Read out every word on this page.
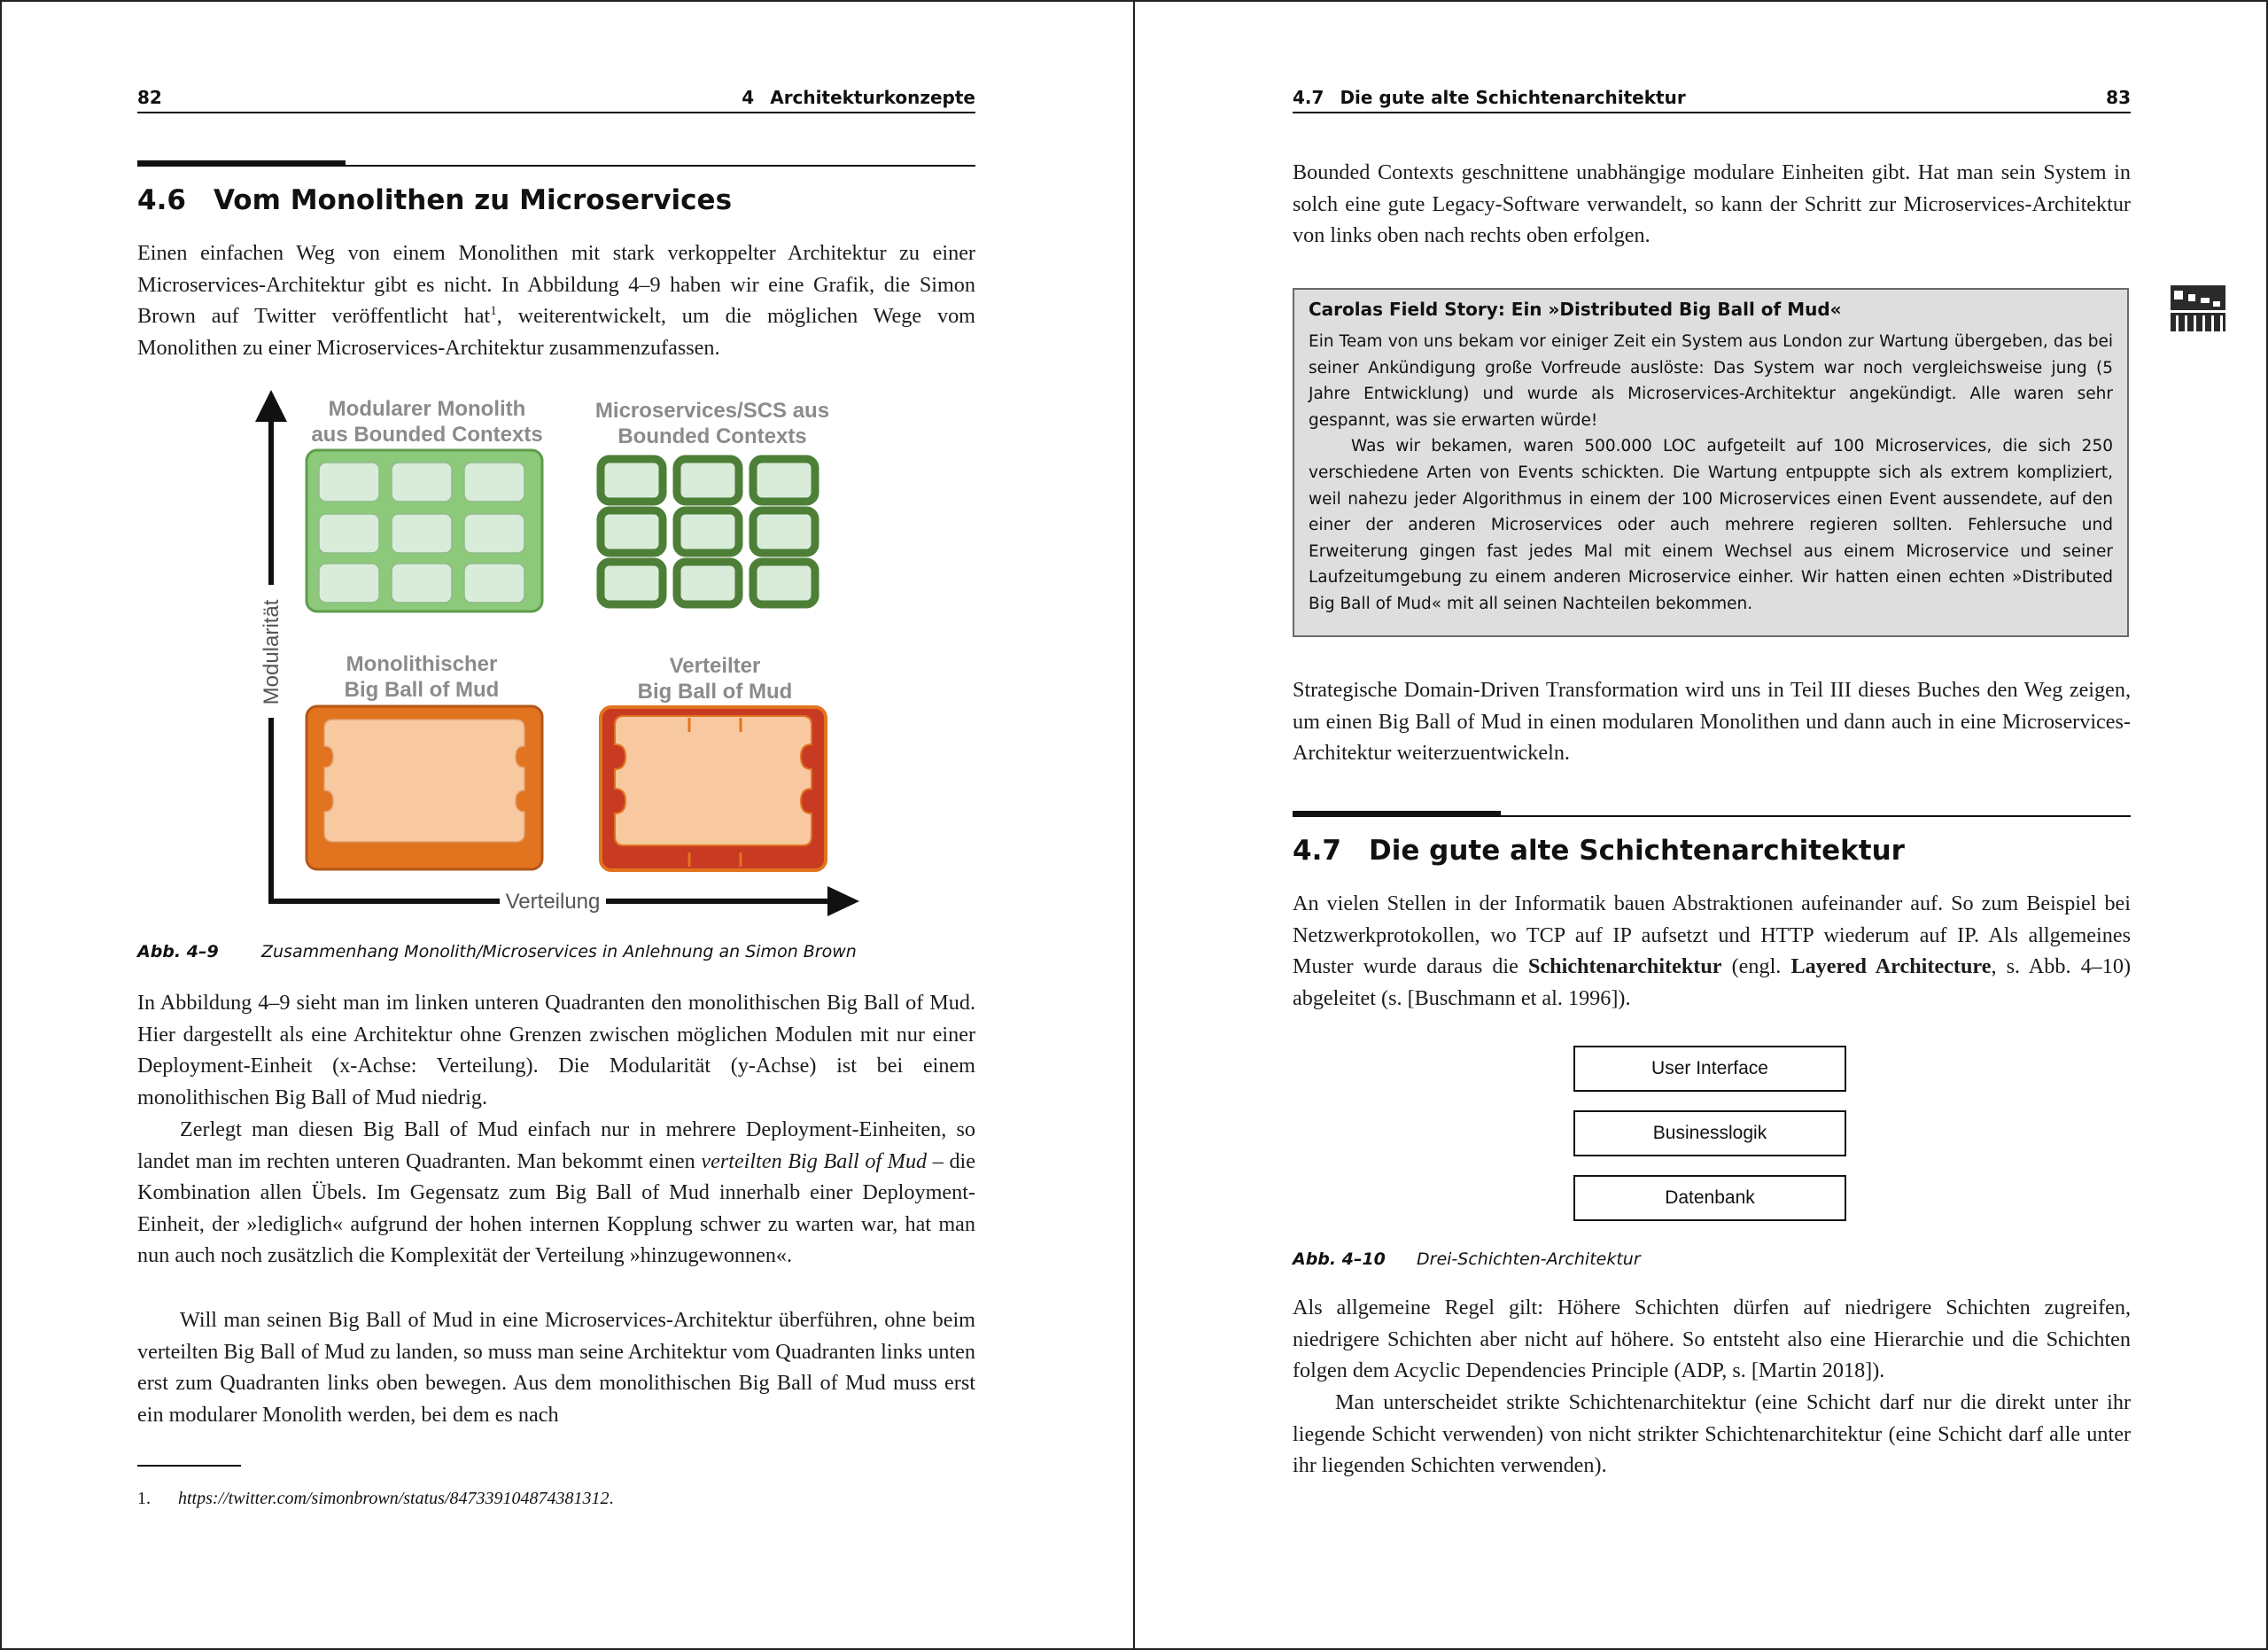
82	4 Architekturkonzepte
4.6 Vom Monolithen zu Microservices
Einen einfachen Weg von einem Monolithen mit stark verkoppelter Architektur zu einer Microservices-Architektur gibt es nicht. In Abbildung 4–9 haben wir eine Grafik, die Simon Brown auf Twitter veröffentlicht hat$^1$, weiterentwickelt, um die möglichen Wege vom Monolithen zu einer Microservices-Architektur zusammenzufassen.
Verteilung
Modularität
Modularer Monolith
aus Bounded Contexts
Microservices/SCS aus
Bounded Contexts
Monolithischer
Big Ball of Mud
Verteilter
Big Ball of Mud
Abb. 4–9	Zusammenhang Monolith/Microservices in Anlehnung an Simon Brown
In Abbildung 4–9 sieht man im linken unteren Quadranten den monolithischen Big Ball of Mud. Hier dargestellt als eine Architektur ohne Grenzen zwischen möglichen Modulen mit nur einer Deployment-Einheit (x-Achse: Verteilung). Die Modularität (y-Achse) ist bei einem monolithischen Big Ball of Mud niedrig.
Zerlegt man diesen Big Ball of Mud einfach nur in mehrere Deployment-Einheiten, so landet man im rechten unteren Quadranten. Man bekommt einen verteilten Big Ball of Mud – die Kombination allen Übels. Im Gegensatz zum Big Ball of Mud innerhalb einer Deployment-Einheit, der »lediglich« aufgrund der hohen internen Kopplung schwer zu warten war, hat man nun auch noch zusätzlich die Komplexität der Verteilung »hinzugewonnen«.
Will man seinen Big Ball of Mud in eine Microservices-Architektur überführen, ohne beim verteilten Big Ball of Mud zu landen, so muss man seine Architektur vom Quadranten links unten erst zum Quadranten links oben bewegen. Aus dem monolithischen Big Ball of Mud muss erst ein modularer Monolith werden, bei dem es nach
1. https://twitter.com/simonbrown/status/847339104874381312.
4.7 Die gute alte Schichtenarchitektur	83
Bounded Contexts geschnittene unabhängige modulare Einheiten gibt. Hat man sein System in solch eine gute Legacy-Software verwandelt, so kann der Schritt zur Microservices-Architektur von links oben nach rechts oben erfolgen.
Carolas Field Story: Ein »Distributed Big Ball of Mud«
Ein Team von uns bekam vor einiger Zeit ein System aus London zur Wartung übergeben, das bei seiner Ankündigung große Vorfreude auslöste: Das System war noch vergleichsweise jung (5 Jahre Entwicklung) und wurde als Microservices-Architektur angekündigt. Alle waren sehr gespannt, was sie erwarten würde!
Was wir bekamen, waren 500.000 LOC aufgeteilt auf 100 Microservices, die sich 250 verschiedene Arten von Events schickten. Die Wartung entpuppte sich als extrem kompliziert, weil nahezu jeder Algorithmus in einem der 100 Microservices einen Event aussendete, auf den einer der anderen Microservices oder auch mehrere regieren sollten. Fehlersuche und Erweiterung gingen fast jedes Mal mit einem Wechsel aus einem Microservice und seiner Laufzeitumgebung zu einem anderen Microservice einher. Wir hatten einen echten »Distributed Big Ball of Mud« mit all seinen Nachteilen bekommen.
Strategische Domain-Driven Transformation wird uns in Teil III dieses Buches den Weg zeigen, um einen Big Ball of Mud in einen modularen Monolithen und dann auch in eine Microservices-Architektur weiterzuentwickeln.
4.7 Die gute alte Schichtenarchitektur
An vielen Stellen in der Informatik bauen Abstraktionen aufeinander auf. So zum Beispiel bei Netzwerkprotokollen, wo TCP auf IP aufsetzt und HTTP wiederum auf IP. Als allgemeines Muster wurde daraus die Schichtenarchitektur (engl. Layered Architecture, s. Abb. 4–10) abgeleitet (s. [Buschmann et al. 1996]).
User Interface
Businesslogik
Datenbank
Abb. 4–10 Drei-Schichten-Architektur
Als allgemeine Regel gilt: Höhere Schichten dürfen auf niedrigere Schichten zugreifen, niedrigere Schichten aber nicht auf höhere. So entsteht also eine Hierarchie und die Schichten folgen dem Acyclic Dependencies Principle (ADP, s. [Martin 2018]).
Man unterscheidet strikte Schichtenarchitektur (eine Schicht darf nur die direkt unter ihr liegende Schicht verwenden) von nicht strikter Schichtenarchitektur (eine Schicht darf alle unter ihr liegenden Schichten verwenden).
